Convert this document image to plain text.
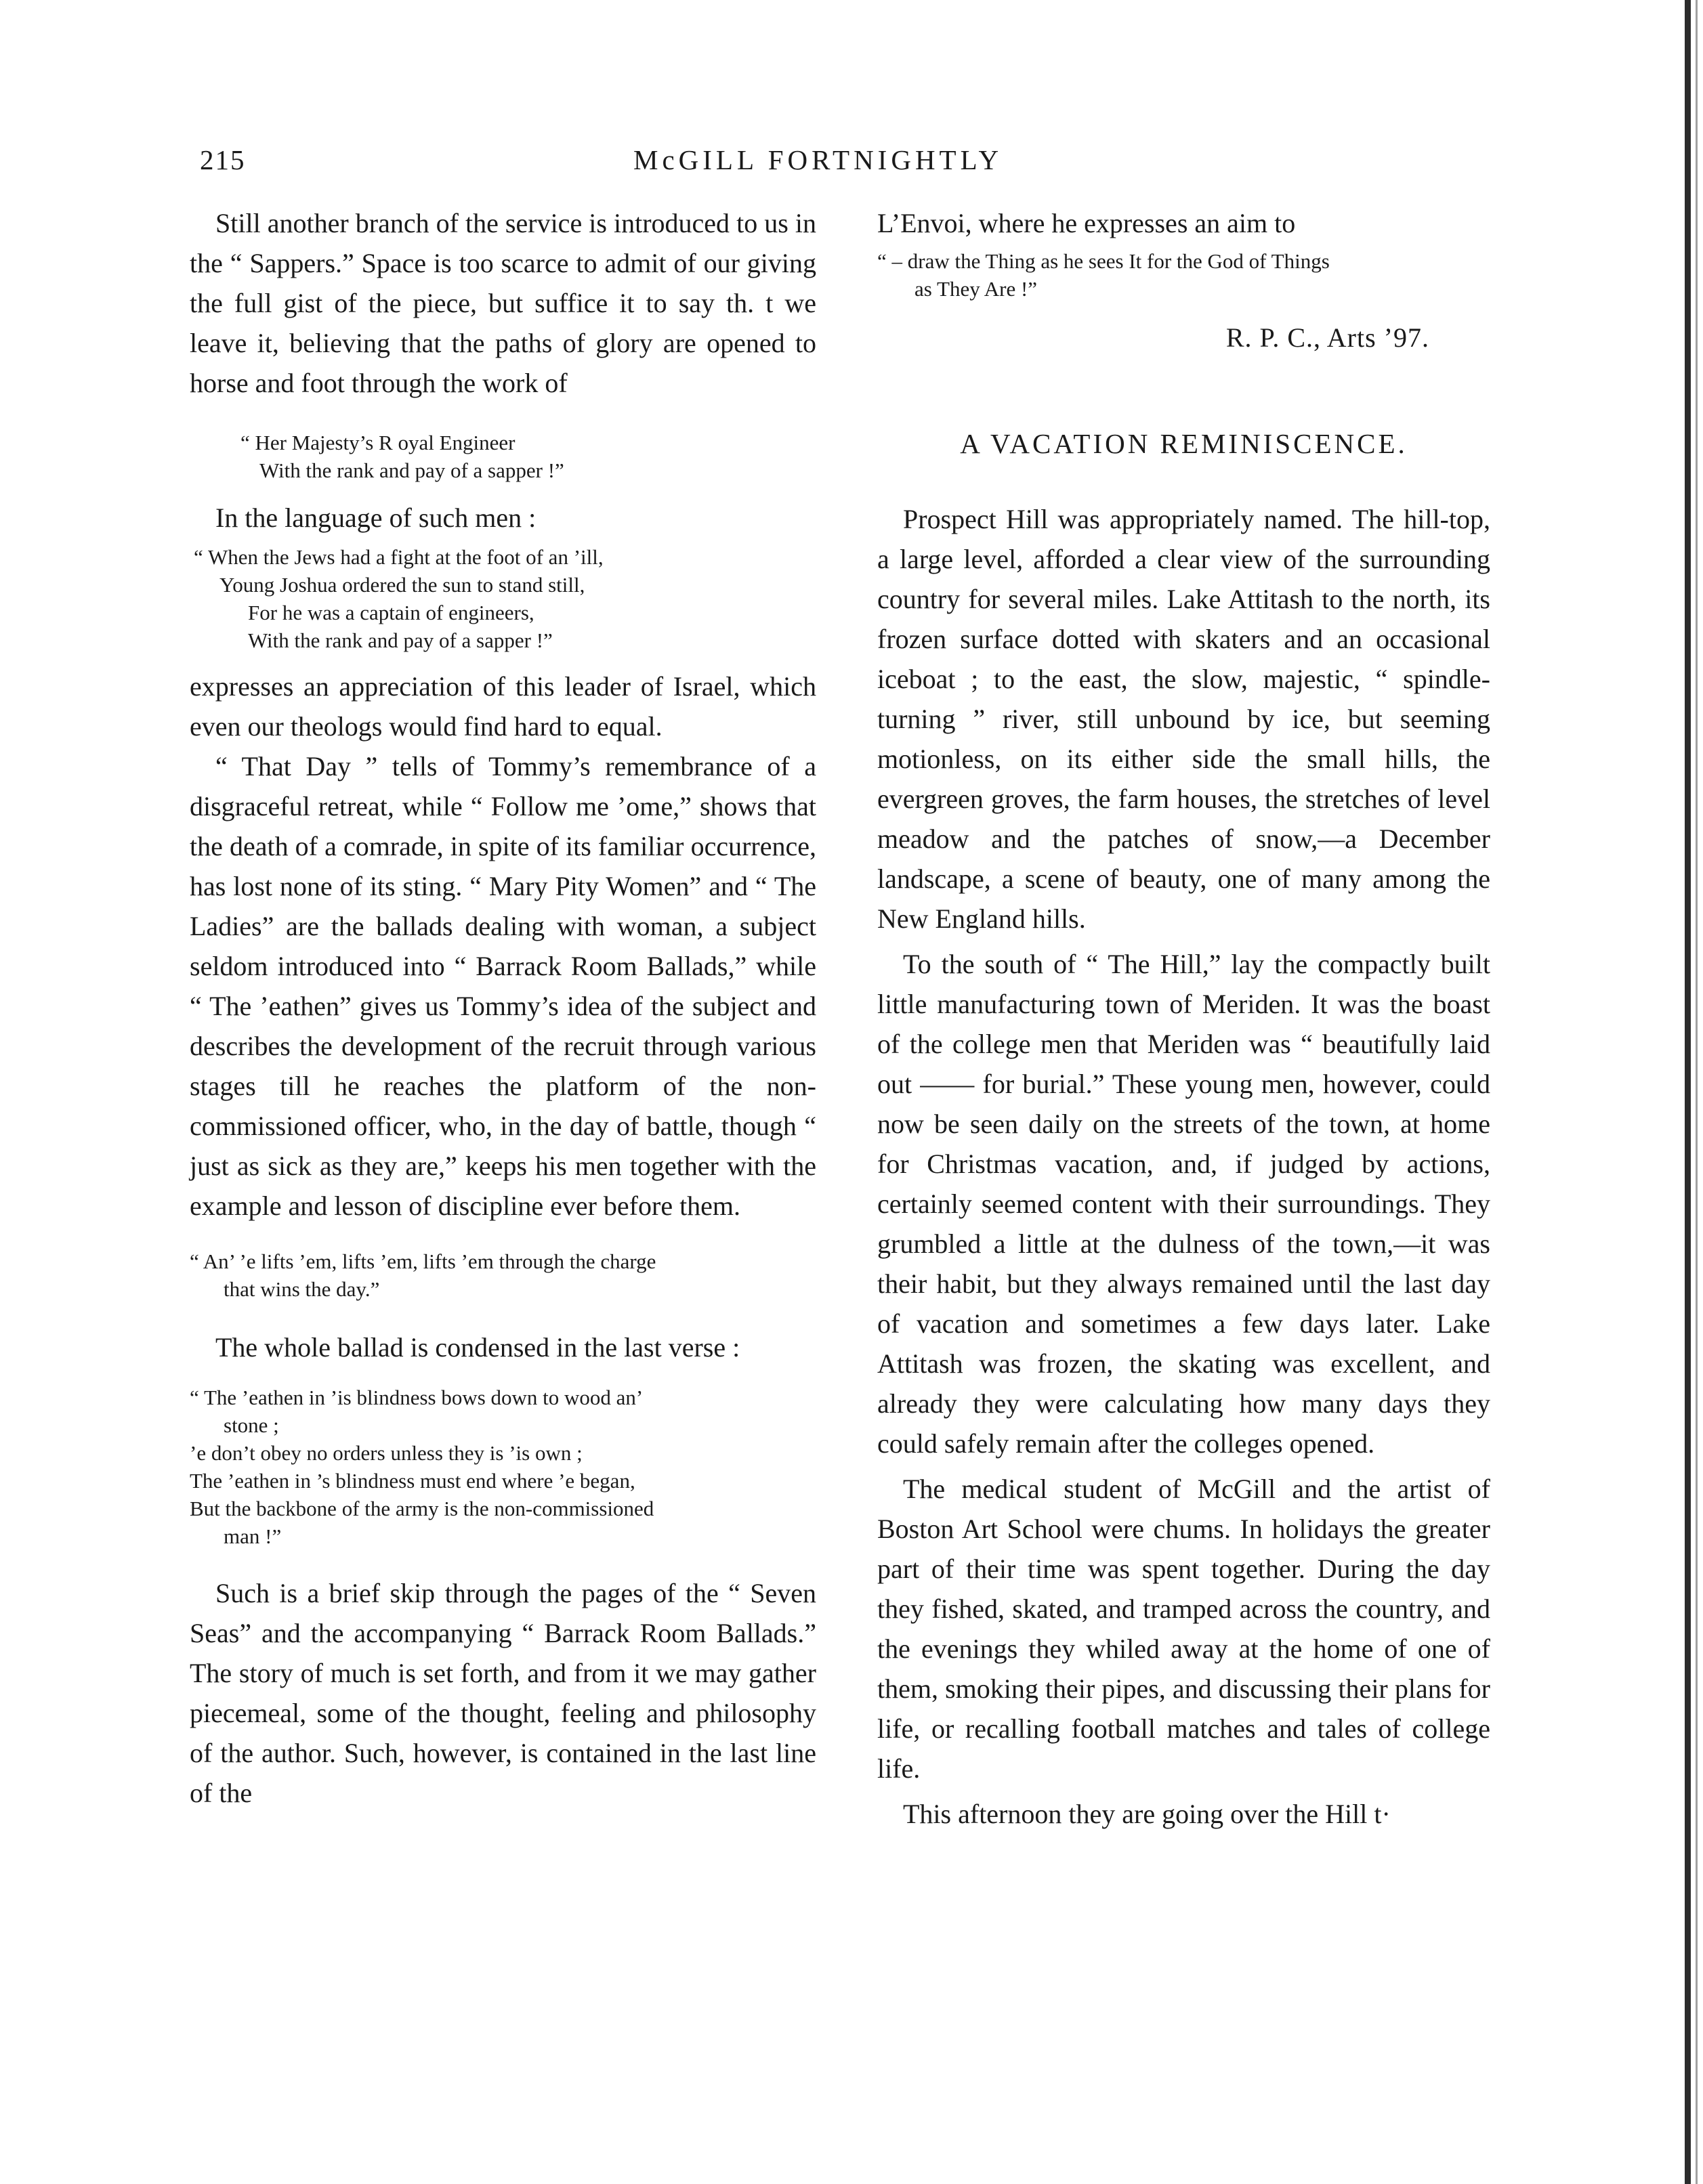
215	McGILL FORTNIGHTLY

Still another branch of the service is introduced to us in the “ Sappers.” Space is too scarce to admit of our giving the full gist of the piece, but suffice it to say th. t we leave it, believing that the paths of glory are opened to horse and foot through the work of

“ Her Majesty’s R oyal Engineer
With the rank and pay of a sapper !”

In the language of such men :

“ When the Jews had a fight at the foot of an ’ill,
Young Joshua ordered the sun to stand still,
For he was a captain of engineers,
With the rank and pay of a sapper !”

expresses an appreciation of this leader of Israel, which even our theologs would find hard to equal.

“ That Day ” tells of Tommy’s remembrance of a disgraceful retreat, while “ Follow me ’ome,” shows that the death of a comrade, in spite of its familiar occurrence, has lost none of its sting. “ Mary Pity Women” and “ The Ladies” are the ballads dealing with woman, a subject seldom introduced into “ Barrack Room Ballads,” while “ The ’eathen” gives us Tommy’s idea of the subject and describes the development of the recruit through various stages till he reaches the platform of the non-commissioned officer, who, in the day of battle, though “ just as sick as they are,” keeps his men together with the example and lesson of discipline ever before them.

“ An’ ’e lifts ’em, lifts ’em, lifts ’em through the charge
that wins the day.”

The whole ballad is condensed in the last verse :

“ The ’eathen in ’is blindness bows down to wood an’
stone ;
’e don’t obey no orders unless they is ’is own ;
The ’eathen in ’s blindness must end where ’e began,
But the backbone of the army is the non-commissioned
man !”

Such is a brief skip through the pages of the “ Seven Seas” and the accompanying “ Barrack Room Ballads.” The story of much is set forth, and from it we may gather piecemeal, some of the thought, feeling and philosophy of the author. Such, however, is contained in the last line of the

L’Envoi, where he expresses an aim to

“ – draw the Thing as he sees It for the God of Things
as They Are !”
R. P. C., Arts ’97.
A VACATION REMINISCENCE.

Prospect Hill was appropriately named. The hill-top, a large level, afforded a clear view of the surrounding country for several miles. Lake Attitash to the north, its frozen surface dotted with skaters and an occasional iceboat ; to the east, the slow, majestic, “ spindle-turning ” river, still unbound by ice, but seeming motionless, on its either side the small hills, the evergreen groves, the farm houses, the stretches of level meadow and the patches of snow,—a December landscape, a scene of beauty, one of many among the New England hills.

To the south of “ The Hill,” lay the compactly built little manufacturing town of Meriden. It was the boast of the college men that Meriden was “ beautifully laid out —— for burial.” These young men, however, could now be seen daily on the streets of the town, at home for Christmas vacation, and, if judged by actions, certainly seemed content with their surroundings. They grumbled a little at the dulness of the town,—it was their habit, but they always remained until the last day of vacation and sometimes a few days later. Lake Attitash was frozen, the skating was excellent, and already they were calculating how many days they could safely remain after the colleges opened.

The medical student of McGill and the artist of Boston Art School were chums. In holidays the greater part of their time was spent together. During the day they fished, skated, and tramped across the country, and the evenings they whiled away at the home of one of them, smoking their pipes, and discussing their plans for life, or recalling football matches and tales of college life.

This afternoon they are going over the Hill t·
